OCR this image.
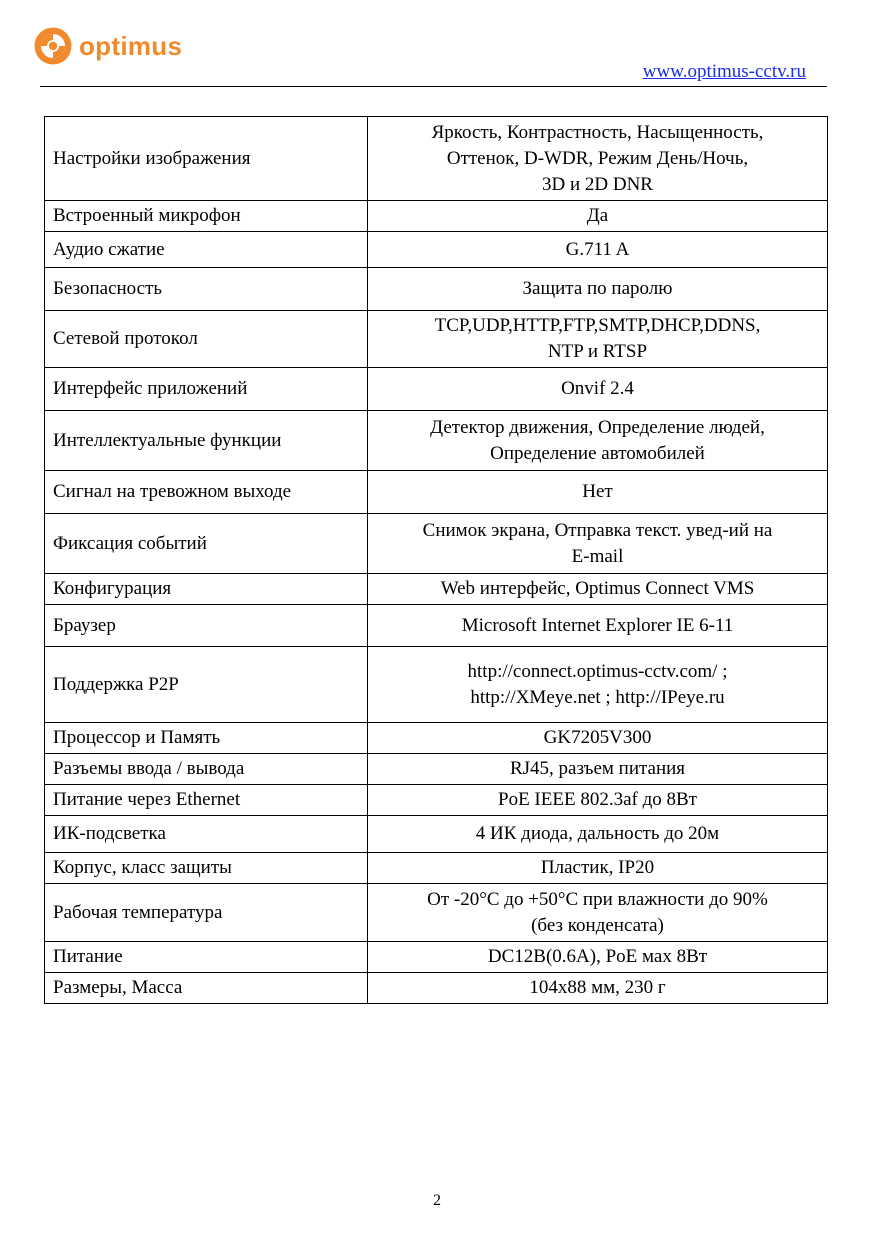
optimus
www.optimus-cctv.ru
Настройки изображения	Яркость, Контрастность, Насыщенность,
Оттенок, D-WDR, Режим День/Ночь,
3D и 2D DNR

Встроенный микрофон	Да

Аудио сжатие	G.711 A

Безопасность	Защита по паролю

Сетевой протокол	TCP,UDP,HTTP,FTP,SMTP,DHCP,DDNS,
NTP и RTSP

Интерфейс приложений	Onvif 2.4

Интеллектуальные функции	Детектор движения, Определение людей,
Определение автомобилей

Сигнал на тревожном выходе	Нет

Фиксация событий	Снимок экрана, Отправка текст. увед-ий на
E-mail

Конфигурация	Web интерфейс, Optimus Connect VMS

Браузер	Microsoft Internet Explorer IE 6-11

Поддержка P2P	http://connect.optimus-cctv.com/ ;
http://XMeye.net ; http://IPeye.ru

Процессор и Память	GK7205V300

Разъемы ввода / вывода	RJ45, разъем питания

Питание через Ethernet	PoE IEEE 802.3af до 8Вт

ИК-подсветка	4 ИК диода, дальность до 20м

Корпус, класс защиты	Пластик, IP20

Рабочая температура	От -20°С до +50°С при влажности до 90%
(без конденсата)

Питание	DC12В(0.6А), PoE мах 8Вт

Размеры, Масса	104x88 мм, 230 г
2
